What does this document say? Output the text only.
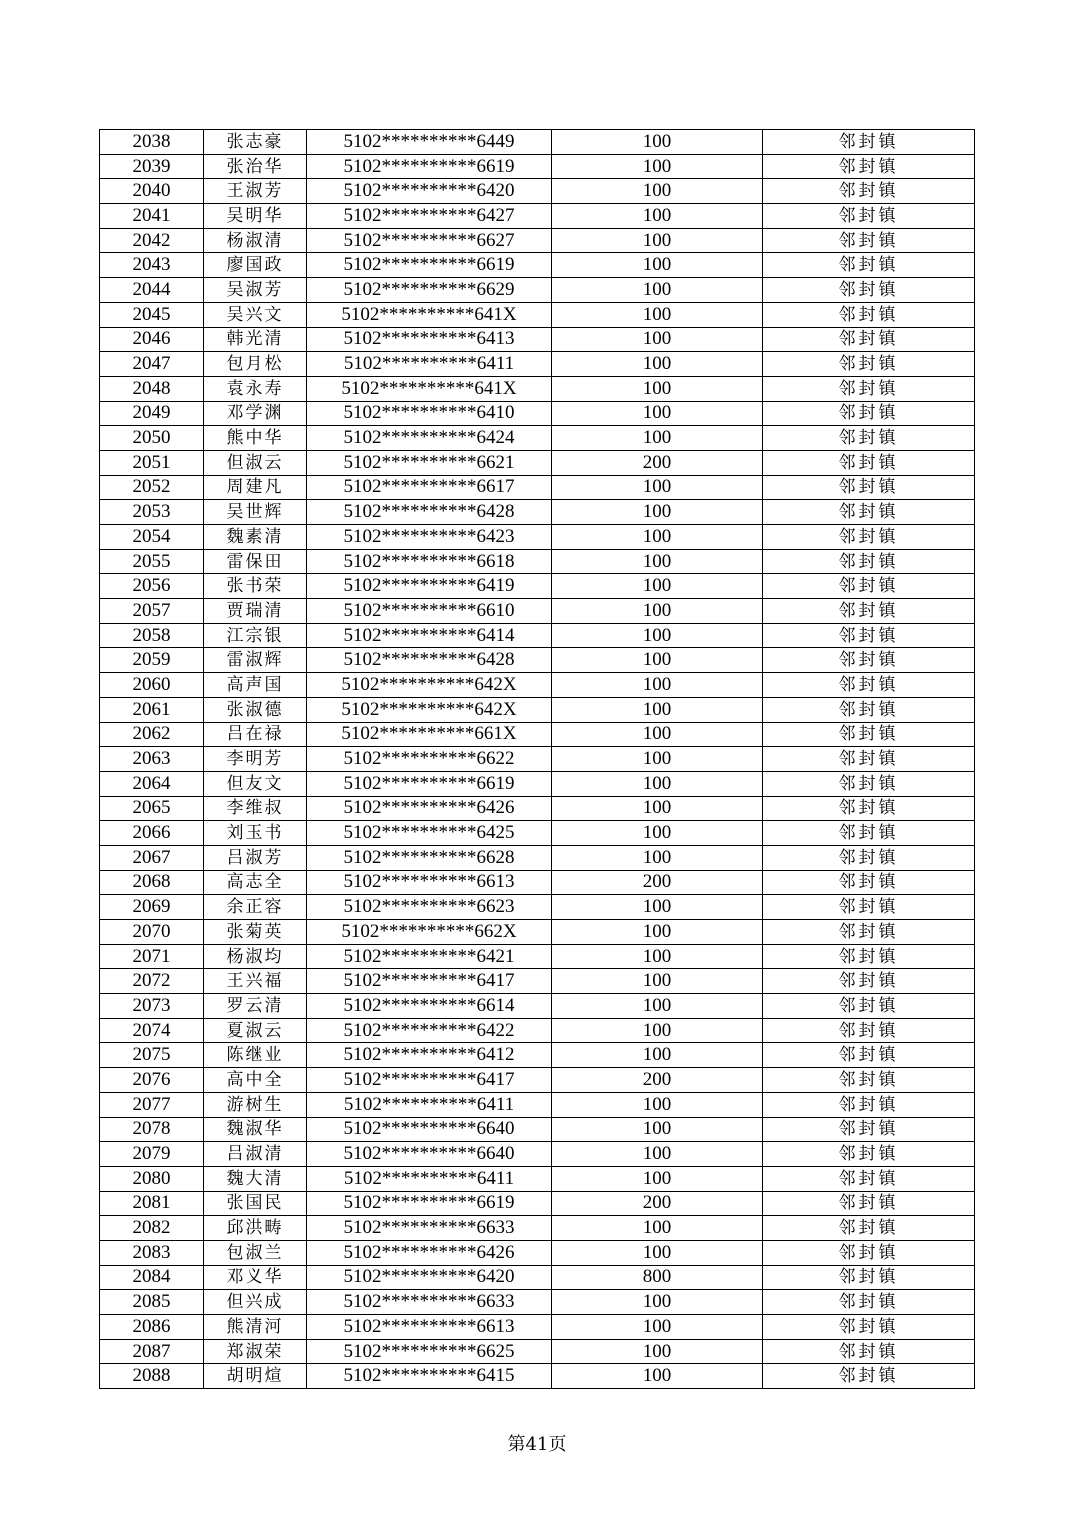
2038	张志豪	5102**********6449	100	邻封镇
2039	张治华	5102**********6619	100	邻封镇
2040	王淑芳	5102**********6420	100	邻封镇
2041	吴明华	5102**********6427	100	邻封镇
2042	杨淑清	5102**********6627	100	邻封镇
2043	廖国政	5102**********6619	100	邻封镇
2044	吴淑芳	5102**********6629	100	邻封镇
2045	吴兴文	5102**********641X	100	邻封镇
2046	韩光清	5102**********6413	100	邻封镇
2047	包月松	5102**********6411	100	邻封镇
2048	袁永寿	5102**********641X	100	邻封镇
2049	邓学渊	5102**********6410	100	邻封镇
2050	熊中华	5102**********6424	100	邻封镇
2051	但淑云	5102**********6621	200	邻封镇
2052	周建凡	5102**********6617	100	邻封镇
2053	吴世辉	5102**********6428	100	邻封镇
2054	魏素清	5102**********6423	100	邻封镇
2055	雷保田	5102**********6618	100	邻封镇
2056	张书荣	5102**********6419	100	邻封镇
2057	贾瑞清	5102**********6610	100	邻封镇
2058	江宗银	5102**********6414	100	邻封镇
2059	雷淑辉	5102**********6428	100	邻封镇
2060	高声国	5102**********642X	100	邻封镇
2061	张淑德	5102**********642X	100	邻封镇
2062	吕在禄	5102**********661X	100	邻封镇
2063	李明芳	5102**********6622	100	邻封镇
2064	但友文	5102**********6619	100	邻封镇
2065	李维叔	5102**********6426	100	邻封镇
2066	刘玉书	5102**********6425	100	邻封镇
2067	吕淑芳	5102**********6628	100	邻封镇
2068	高志全	5102**********6613	200	邻封镇
2069	余正容	5102**********6623	100	邻封镇
2070	张菊英	5102**********662X	100	邻封镇
2071	杨淑均	5102**********6421	100	邻封镇
2072	王兴福	5102**********6417	100	邻封镇
2073	罗云清	5102**********6614	100	邻封镇
2074	夏淑云	5102**********6422	100	邻封镇
2075	陈继业	5102**********6412	100	邻封镇
2076	高中全	5102**********6417	200	邻封镇
2077	游树生	5102**********6411	100	邻封镇
2078	魏淑华	5102**********6640	100	邻封镇
2079	吕淑清	5102**********6640	100	邻封镇
2080	魏大清	5102**********6411	100	邻封镇
2081	张国民	5102**********6619	200	邻封镇
2082	邱洪畴	5102**********6633	100	邻封镇
2083	包淑兰	5102**********6426	100	邻封镇
2084	邓义华	5102**********6420	800	邻封镇
2085	但兴成	5102**********6633	100	邻封镇
2086	熊清河	5102**********6613	100	邻封镇
2087	郑淑荣	5102**********6625	100	邻封镇
2088	胡明煊	5102**********6415	100	邻封镇
第41页
